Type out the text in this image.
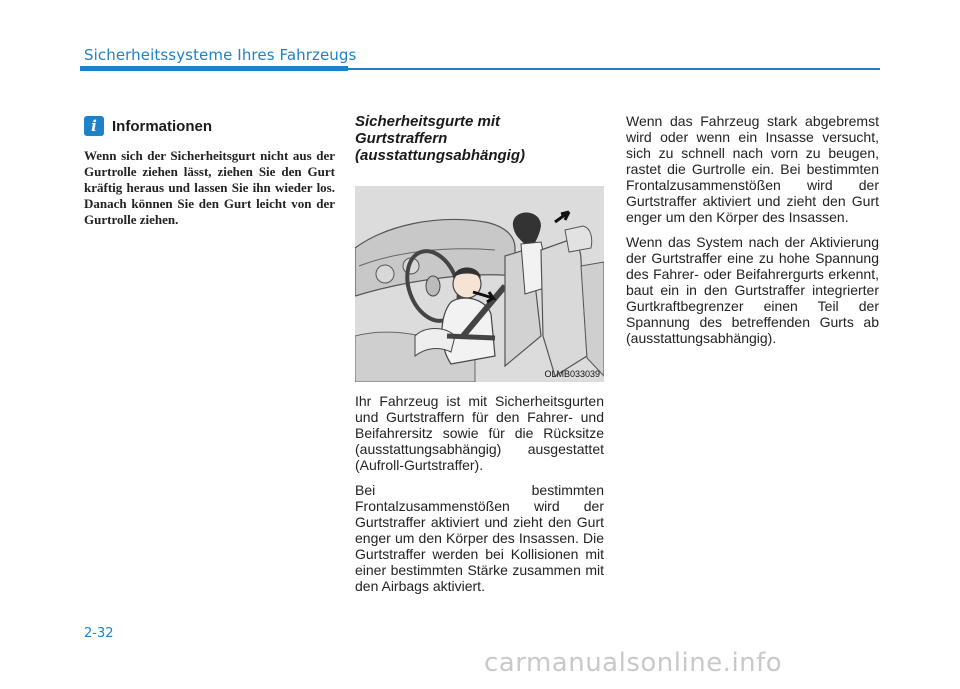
Sicherheitssysteme Ihres Fahrzeugs
i	Informationen
Wenn sich der Sicherheitsgurt nicht aus der Gurtrolle ziehen lässt, ziehen Sie den Gurt kräftig heraus und lassen Sie ihn wieder los. Danach können Sie den Gurt leicht von der Gurtrolle ziehen.
Sicherheitsgurte mit
Gurtstraffern
(ausstattungsabhängig)
OLMB033039

Ihr Fahrzeug ist mit Sicherheitsgurten und Gurtstraffern für den Fahrer- und Beifahrersitz sowie für die Rücksitze (ausstattungsabhängig) ausgestattet (Aufroll-Gurtstraffer).

Bei bestimmten Frontalzusammenstößen wird der Gurtstraffer aktiviert und zieht den Gurt enger um den Körper des Insassen. Die Gurtstraffer werden bei Kollisionen mit einer bestimmten Stärke zusammen mit den Airbags aktiviert.

Wenn das Fahrzeug stark abgebremst wird oder wenn ein Insasse versucht, sich zu schnell nach vorn zu beugen, rastet die Gurtrolle ein. Bei bestimmten Frontalzusammenstößen wird der Gurtstraffer aktiviert und zieht den Gurt enger um den Körper des Insassen.

Wenn das System nach der Aktivierung der Gurtstraffer eine zu hohe Spannung des Fahrer- oder Beifahrergurts erkennt, baut ein in den Gurtstraffer integrierter Gurtkraftbegrenzer einen Teil der Spannung des betreffenden Gurts ab (ausstattungsabhängig).

2-32
carmanualsonline.info
